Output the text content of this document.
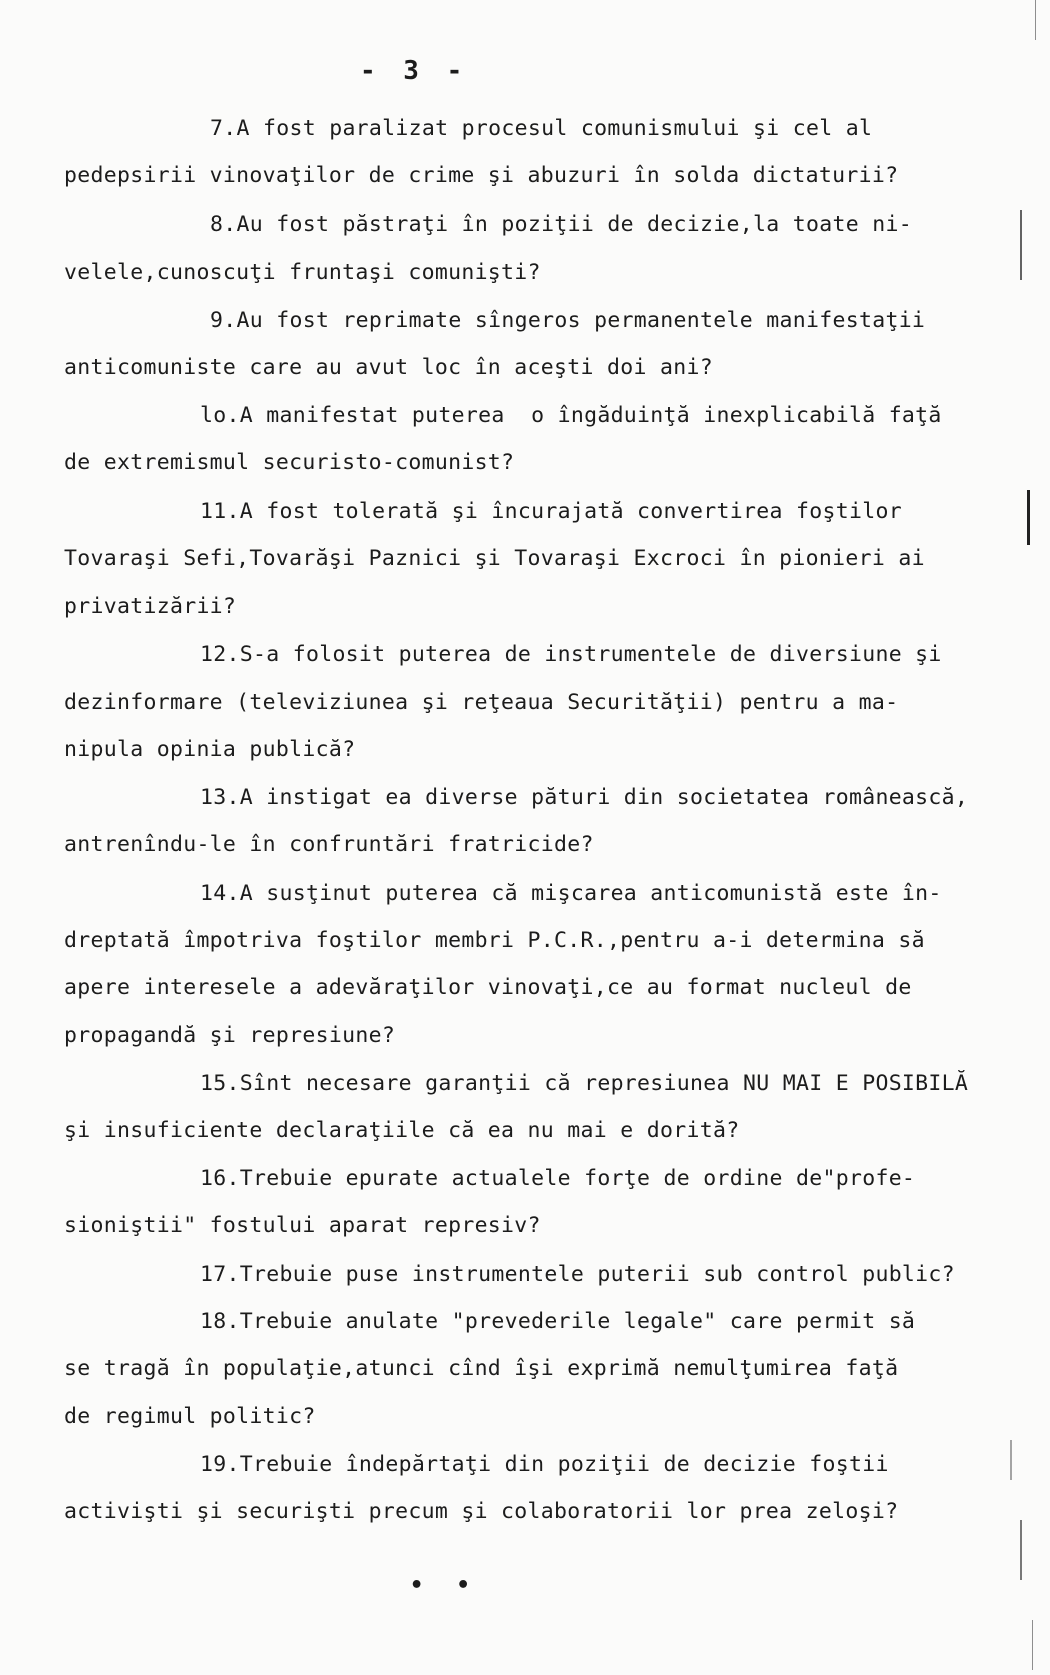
- 3 -
7.A fost paralizat procesul comunismului şi cel al
pedepsirii vinovaţilor de crime şi abuzuri în solda dictaturii?
8.Au fost păstraţi în poziţii de decizie,la toate ni-
velele,cunoscuţi fruntaşi comunişti?
9.Au fost reprimate sîngeros permanentele manifestaţii
anticomuniste care au avut loc în aceşti doi ani?
lo.A manifestat puterea  o îngăduinţă inexplicabilă faţă
de extremismul securisto-comunist?
11.A fost tolerată şi încurajată convertirea foştilor
Tovaraşi Sefi,Tovarăşi Paznici şi Tovaraşi Excroci în pionieri ai
privatizării?
12.S-a folosit puterea de instrumentele de diversiune şi
dezinformare (televiziunea şi reţeaua Securităţii) pentru a ma-
nipula opinia publică?
13.A instigat ea diverse pături din societatea românească,
antrenîndu-le în confruntări fratricide?
14.A susţinut puterea că mişcarea anticomunistă este în-
dreptată împotriva foştilor membri P.C.R.,pentru a-i determina să
apere interesele a adevăraţilor vinovaţi,ce au format nucleul de
propagandă şi represiune?
15.Sînt necesare garanţii că represiunea NU MAI E POSIBILĂ
şi insuficiente declaraţiile că ea nu mai e dorită?
16.Trebuie epurate actualele forţe de ordine de"profe-
sioniştii" fostului aparat represiv?
17.Trebuie puse instrumentele puterii sub control public?
18.Trebuie anulate "prevederile legale" care permit să
se tragă în populaţie,atunci cînd îşi exprimă nemulţumirea faţă
de regimul politic?
19.Trebuie îndepărtaţi din poziţii de decizie foştii
activişti şi securişti precum şi colaboratorii lor prea zeloşi?
• •
